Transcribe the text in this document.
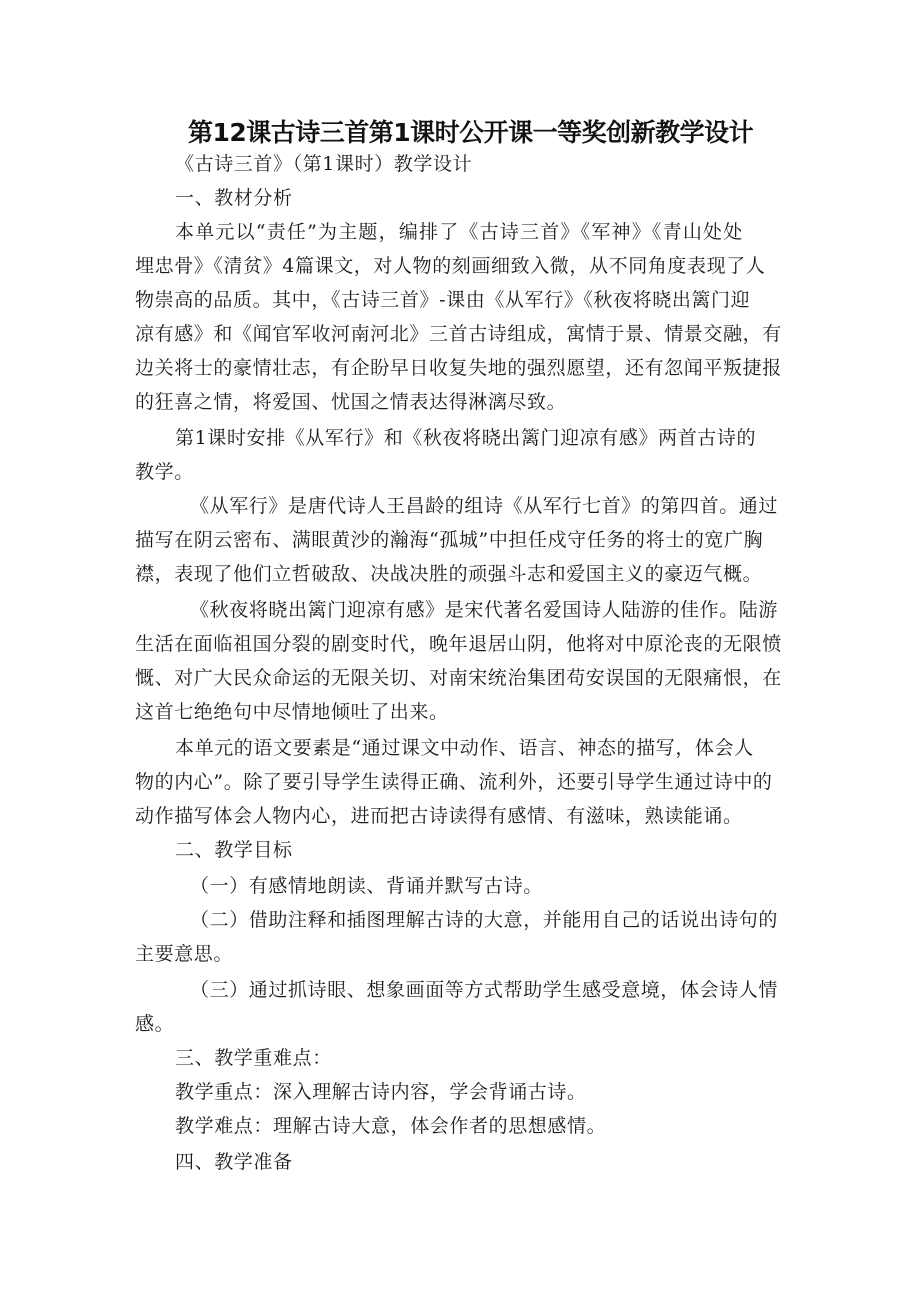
第12课古诗三首第1课时公开课一等奖创新教学设计
《古诗三首》（第1课时）教学设计
一、教材分析
本单元以“责任”为主题，编排了《古诗三首》《军神》《青山处处
埋忠骨》《清贫》4篇课文，对人物的刻画细致入微，从不同角度表现了人
物崇高的品质。其中，《古诗三首》-课由《从军行》《秋夜将晓出篱门迎
凉有感》和《闻官军收河南河北》三首古诗组成，寓情于景、情景交融，有
边关将士的豪情壮志，有企盼早日收复失地的强烈愿望，还有忽闻平叛捷报
的狂喜之情，将爱国、忧国之情表达得淋漓尽致。
第1课时安排《从军行》和《秋夜将晓出篱门迎凉有感》两首古诗的
教学。
《从军行》是唐代诗人王昌龄的组诗《从军行七首》的第四首。通过
描写在阴云密布、满眼黄沙的瀚海“孤城”中担任戍守任务的将士的宽广胸
襟，表现了他们立哲破敌、决战决胜的顽强斗志和爱国主义的豪迈气概。
《秋夜将晓出篱门迎凉有感》是宋代著名爱国诗人陆游的佳作。陆游
生活在面临祖国分裂的剧变时代，晚年退居山阴，他将对中原沦丧的无限愤
慨、对广大民众命运的无限关切、对南宋统治集团苟安误国的无限痛恨，在
这首七绝绝句中尽情地倾吐了出来。
本单元的语文要素是“通过课文中动作、语言、神态的描写，体会人
物的内心”。除了要引导学生读得正确、流利外，还要引导学生通过诗中的
动作描写体会人物内心，进而把古诗读得有感情、有滋味，熟读能诵。
二、教学目标
（一）有感情地朗读、背诵并默写古诗。
（二）借助注释和插图理解古诗的大意，并能用自己的话说出诗句的
主要意思。
（三）通过抓诗眼、想象画面等方式帮助学生感受意境，体会诗人情
感。
三、教学重难点：
教学重点：深入理解古诗内容，学会背诵古诗。
教学难点：理解古诗大意，体会作者的思想感情。
四、教学准备
